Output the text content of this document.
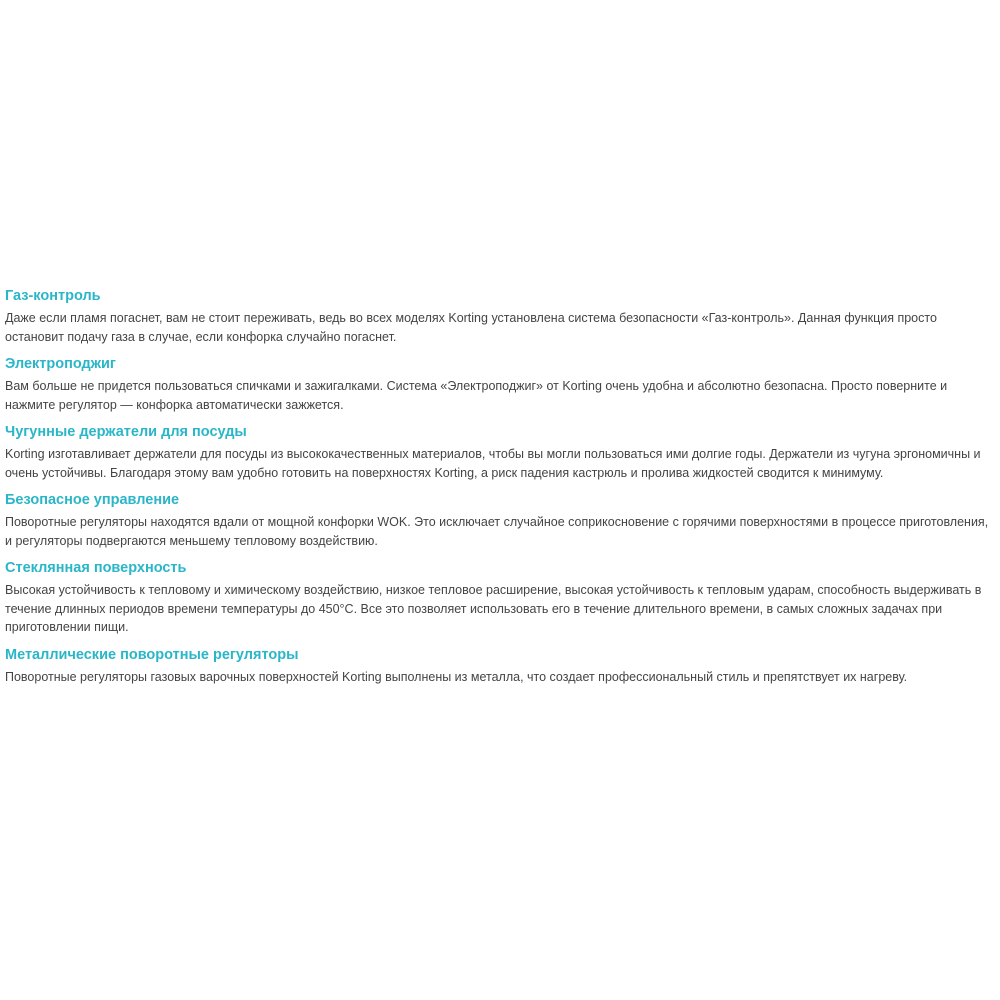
Газ-контроль

Даже если пламя погаснет, вам не стоит переживать, ведь во всех моделях Korting установлена система безопасности «Газ-контроль». Данная функция просто остановит подачу газа в случае, если конфорка случайно погаснет.

Электроподжиг

Вам больше не придется пользоваться спичками и зажигалками. Система «Электроподжиг» от Korting очень удобна и абсолютно безопасна. Просто поверните и нажмите регулятор — конфорка автоматически зажжется.

Чугунные держатели для посуды

Korting изготавливает держатели для посуды из высококачественных материалов, чтобы вы могли пользоваться ими долгие годы. Держатели из чугуна эргономичны и очень устойчивы. Благодаря этому вам удобно готовить на поверхностях Korting, а риск падения кастрюль и пролива жидкостей сводится к минимуму.

Безопасное управление

Поворотные регуляторы находятся вдали от мощной конфорки WOK. Это исключает случайное соприкосновение с горячими поверхностями в процессе приготовления, и регуляторы подвергаются меньшему тепловому воздействию.

Стеклянная поверхность

Высокая устойчивость к тепловому и химическому воздействию, низкое тепловое расширение, высокая устойчивость к тепловым ударам, способность выдерживать в течение длинных периодов времени температуры до 450°C. Все это позволяет использовать его в течение длительного времени, в самых сложных задачах при приготовлении пищи.

Металлические поворотные регуляторы

Поворотные регуляторы газовых варочных поверхностей Korting выполнены из металла, что создает профессиональный стиль и препятствует их нагреву.
